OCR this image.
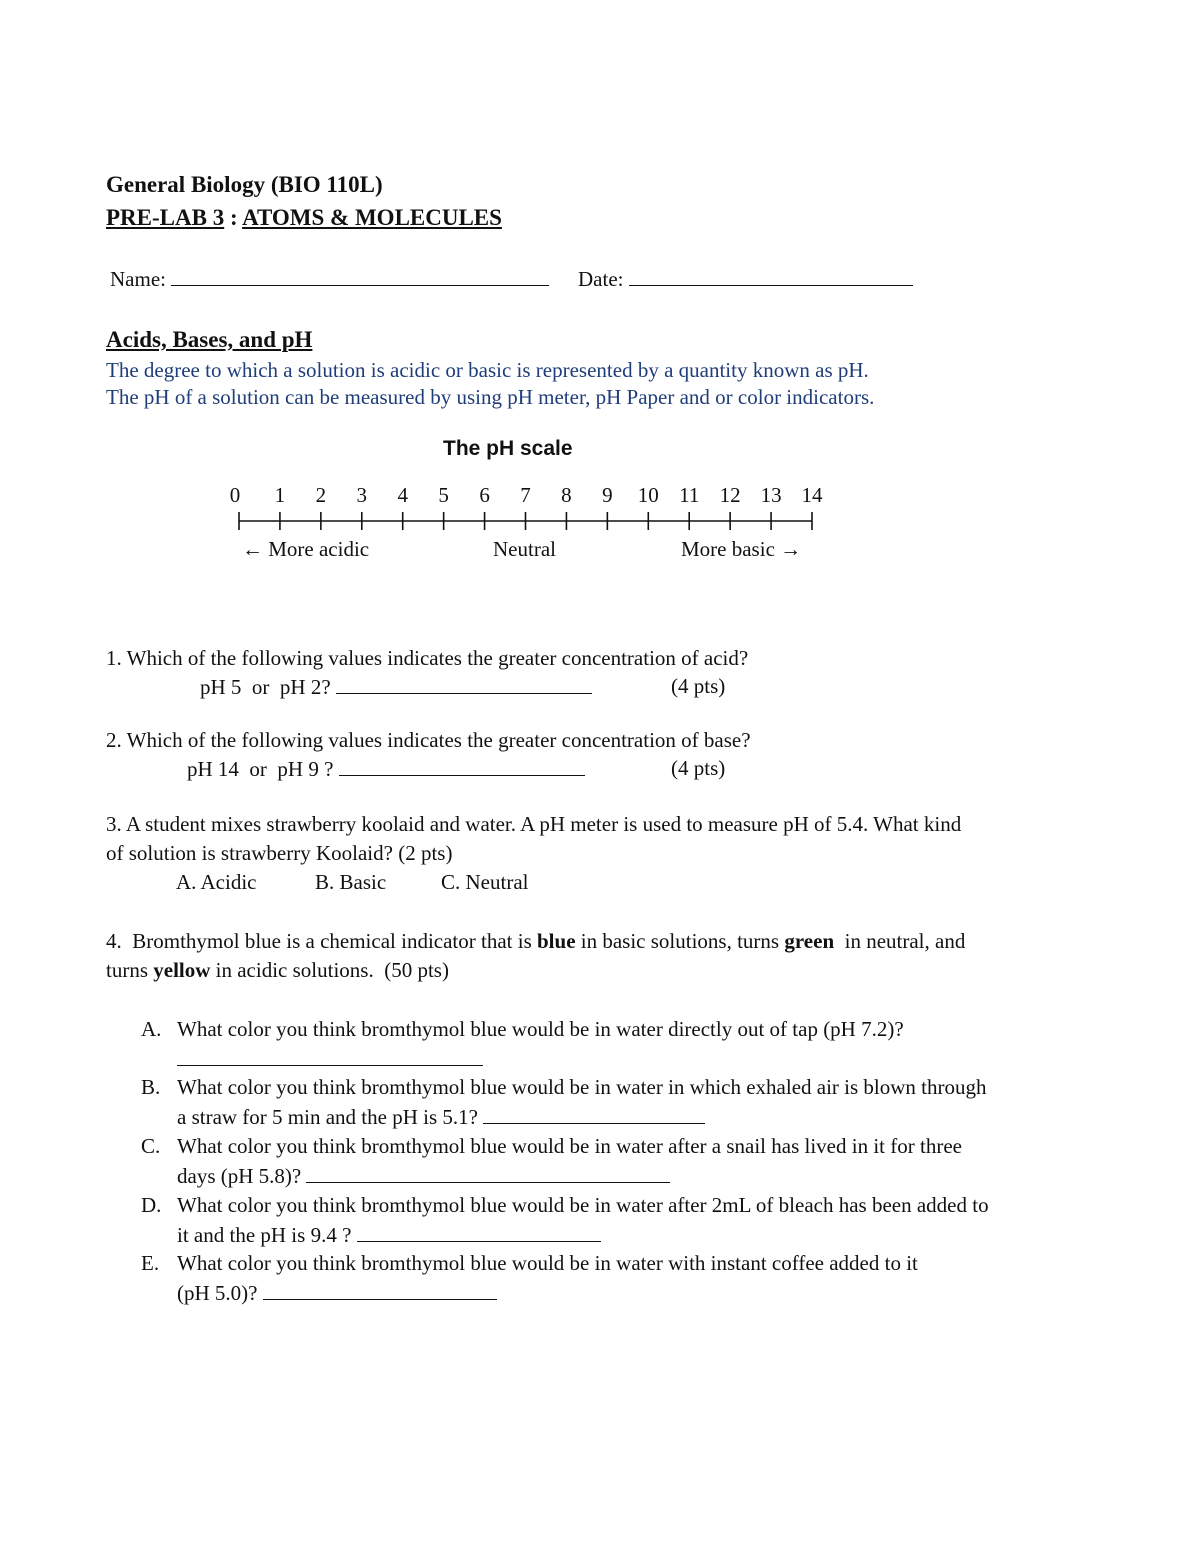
General Biology (BIO 110L)
PRE-LAB 3 : ATOMS & MOLECULES
Name:	Date:
Acids, Bases, and pH
The degree to which a solution is acidic or basic is represented by a quantity known as pH.
The pH of a solution can be measured by using pH meter, pH Paper and or color indicators.
The pH scale
0 1 2 3 4 5 6 7 8 9 10 11 12 13 14
← More acidic	Neutral	More basic →
1. Which of the following values indicates the greater concentration of acid?
pH 5  or  pH 2?	(4 pts)
2. Which of the following values indicates the greater concentration of base?
pH 14  or  pH 9 ?	(4 pts)
3. A student mixes strawberry koolaid and water. A pH meter is used to measure pH of 5.4. What kind
of solution is strawberry Koolaid? (2 pts)
A. Acidic	B. Basic	C. Neutral
4.  Bromthymol blue is a chemical indicator that is blue in basic solutions, turns green  in neutral, and
turns yellow in acidic solutions.  (50 pts)
A. What color you think bromthymol blue would be in water directly out of tap (pH 7.2)?
B. What color you think bromthymol blue would be in water in which exhaled air is blown through
a straw for 5 min and the pH is 5.1?
C. What color you think bromthymol blue would be in water after a snail has lived in it for three
days (pH 5.8)?
D. What color you think bromthymol blue would be in water after 2mL of bleach has been added to
it and the pH is 9.4 ?
E. What color you think bromthymol blue would be in water with instant coffee added to it
(pH 5.0)?
